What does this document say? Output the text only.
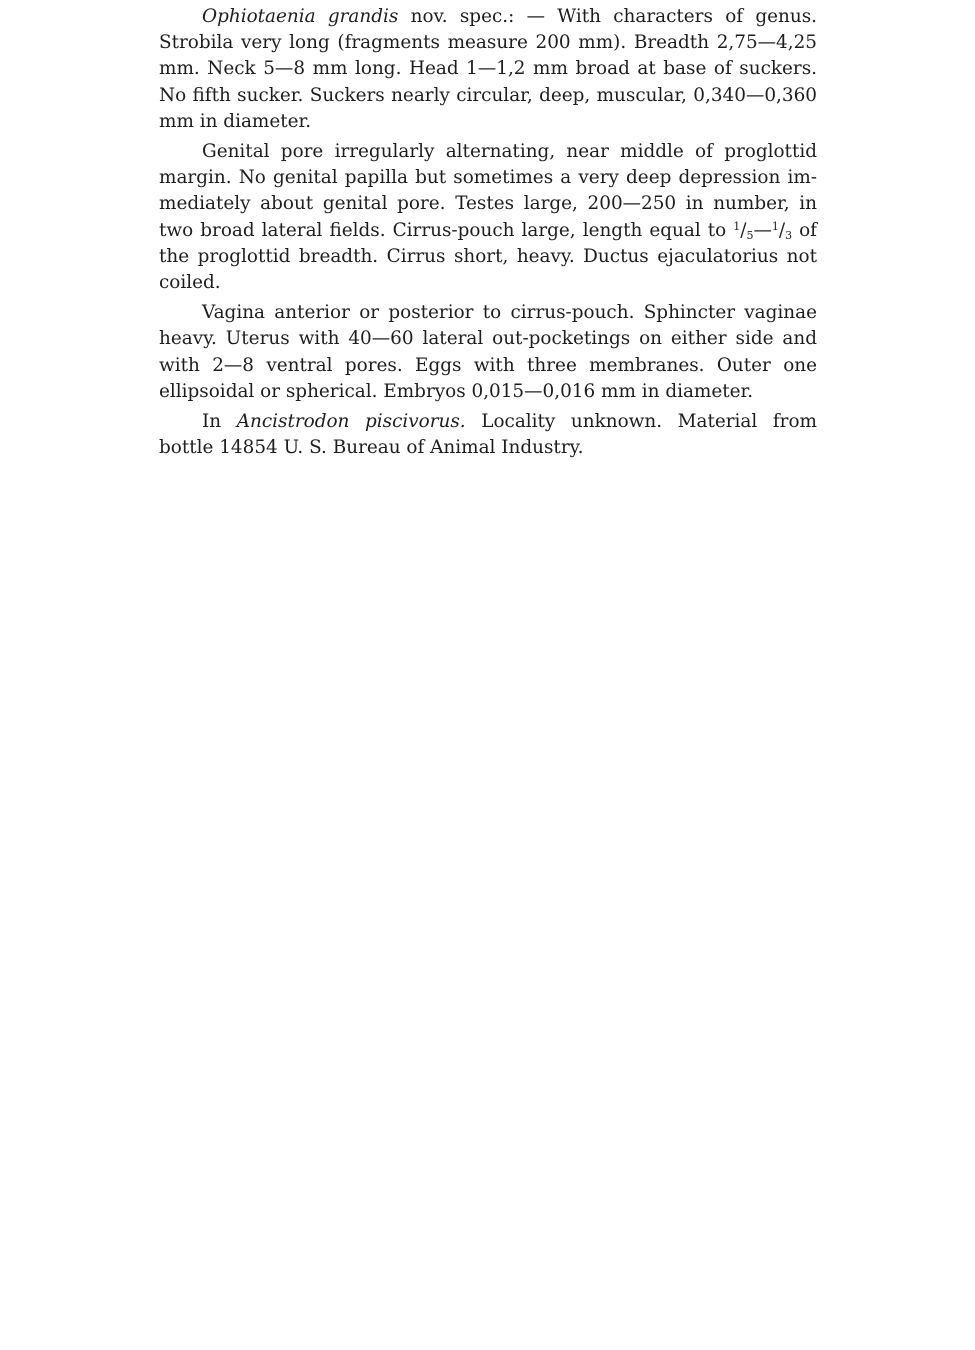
Ophiotaenia grandis nov. spec.: — With characters of genus. Strobila very long (fragments measure 200 mm). Breadth 2,75—4,25 mm. Neck 5—8 mm long. Head 1—1,2 mm broad at base of suckers. No fifth sucker. Suckers nearly circular, deep, muscular, 0,340—0,360 mm in diameter.

Genital pore irregularly alternating, near middle of proglottid margin. No genital papilla but sometimes a very deep depression immediately about genital pore. Testes large, 200—250 in number, in two broad lateral fields. Cirrus-pouch large, length equal to $^1/_5—^1/_3$ of the proglottid breadth. Cirrus short, heavy. Ductus ejaculatorius not coiled.

Vagina anterior or posterior to cirrus-pouch. Sphincter vaginae heavy. Uterus with 40—60 lateral out-pocketings on either side and with 2—8 ventral pores. Eggs with three membranes. Outer one ellipsoidal or spherical. Embryos 0,015—0,016 mm in diameter.

In Ancistrodon piscivorus. Locality unknown. Material from bottle 14854 U. S. Bureau of Animal Industry.
